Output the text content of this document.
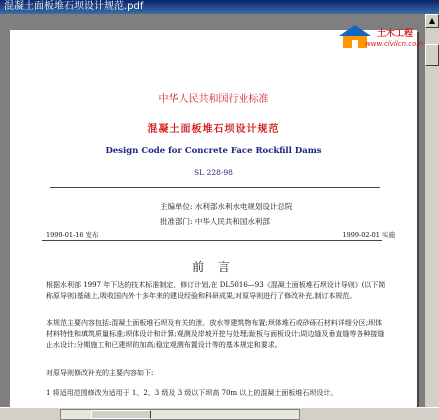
混凝土面板堆石坝设计规范.pdf
中华人民共和国行业标准
混凝土面板堆石坝设计规范
Design Code for Concrete Face Rockfill Dams
SL 228-98
主编单位: 水利部水利水电规划设计总院
批准部门: 中华人民共和国水利部
1999-01-16 发布	1999-02-01 实施
前 言
根据水利部 1997 年下达的技术标准制定、修订计划,在 DL5016—93《混凝土面板堆石坝设计导则》(以下简称原导则)基础上,吸收国内外十多年来的建设经验和科研成果,对原导则进行了修改补充,制订本规范。
本规范主要内容包括:混凝土面板堆石坝及有关的泄、放水等建筑物布置;坝体堆石或砂砾石材料详细分区;坝体材料特性和填筑质量标准;坝体设计和计算;观测及岸坡开挖与处理;趾板与面板设计;周边缝及垂直缝等各种接缝止水设计;分期施工和已建坝的加高;稳定观测布置设计等的基本规定和要求。
对原导则修改补充的主要内容如下:
1 将适用范围修改为适用于 1、2、3 级及 3 级以下坝高 70m 以上的混凝土面板堆石坝设计。
土木工程
www.civilcn.com
▲
